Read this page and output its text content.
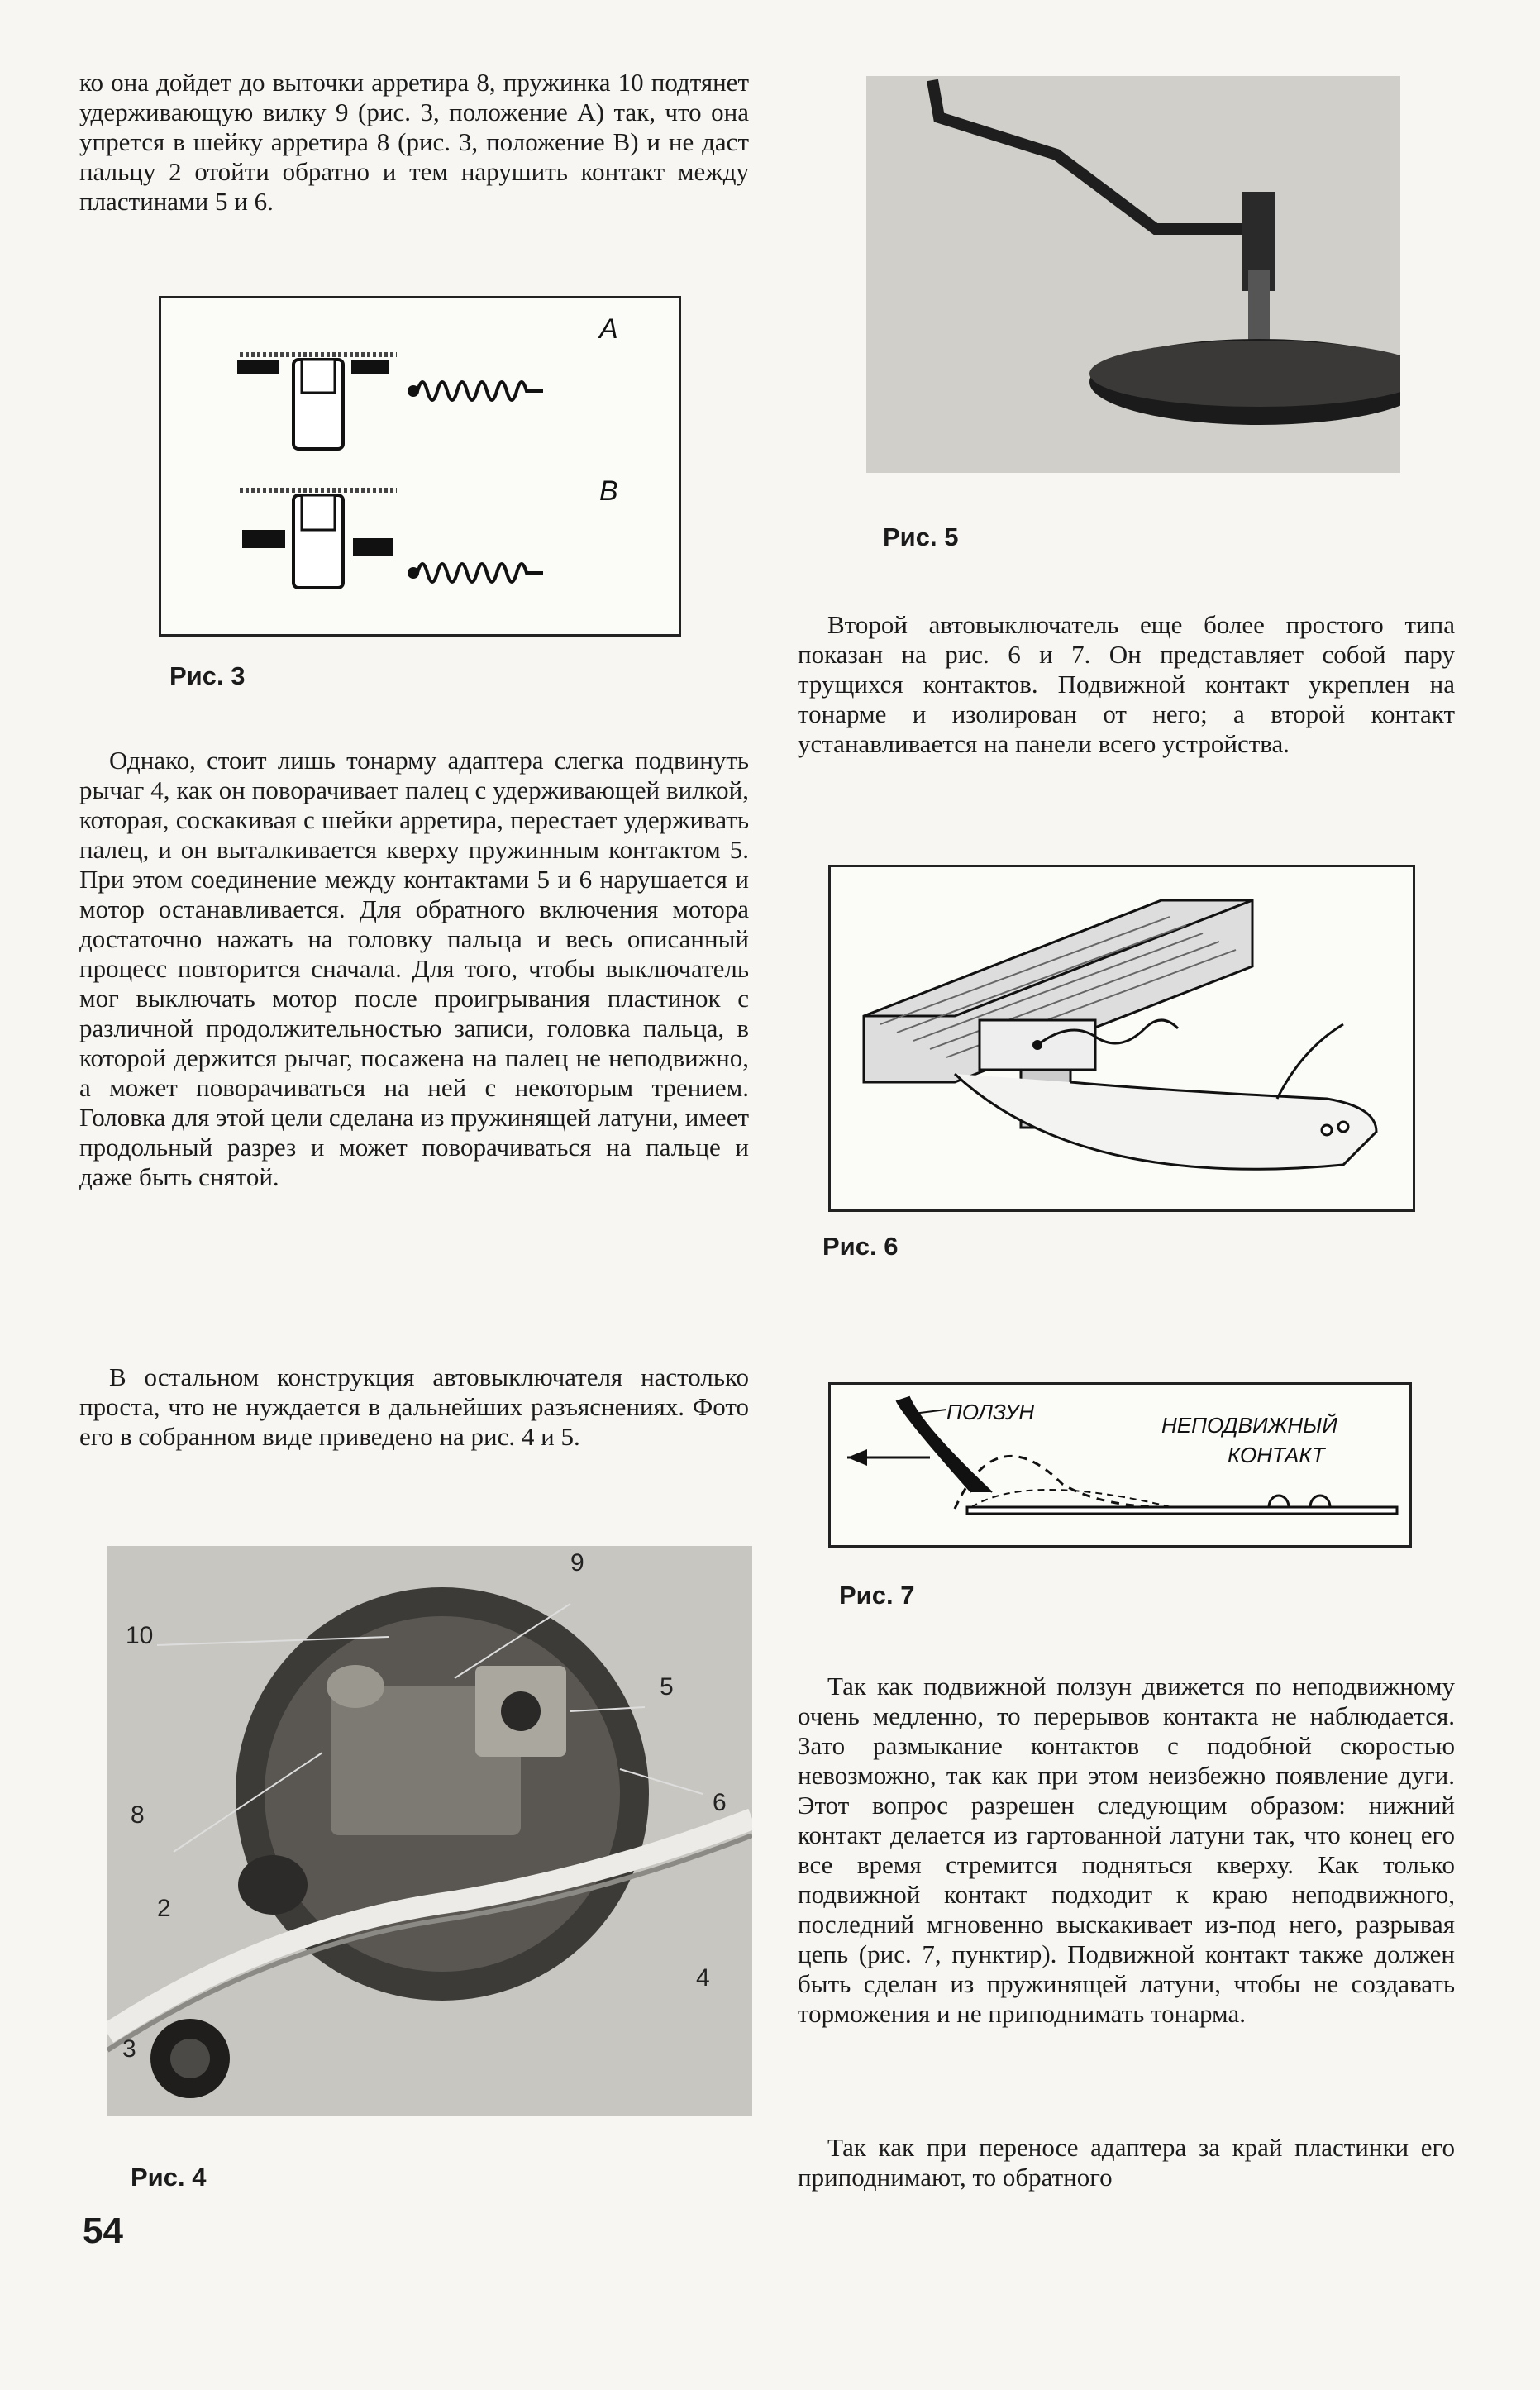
ко она дойдет до выточки арретира 8, пружинка 10 подтянет удерживающую вилку 9 (рис. 3, положение А) так, что она упрется в шейку арретира 8 (рис. 3, положение В) и не даст пальцу 2 отойти обратно и тем нарушить контакт между пластинами 5 и 6.

А
В

Рис. 3

Однако, стоит лишь тонарму адаптера слегка подвинуть рычаг 4, как он поворачивает палец с удерживающей вилкой, которая, соскакивая с шейки арретира, перестает удерживать палец, и он выталкивается кверху пружинным контактом 5. При этом соединение между контактами 5 и 6 нарушается и мотор останавливается. Для обратного включения мотора достаточно нажать на головку пальца и весь описанный процесс повторится сначала. Для того, чтобы выключатель мог выключать мотор после проигрывания пластинок с различной продолжительностью записи, головка пальца, в которой держится рычаг, посажена на палец не неподвижно, а может поворачиваться на ней с некоторым трением. Головка для этой цели сделана из пружинящей латуни, имеет продольный разрез и может поворачиваться на пальце и даже быть снятой.

В остальном конструкция автовыключателя настолько проста, что не нуждается в дальнейших разъяснениях. Фото его в собранном виде приведено на рис. 4 и 5.

10
9
5
6
8
2
3
4

Рис. 4

54

Рис. 5

Второй автовыключатель еще более простого типа показан на рис. 6 и 7. Он представляет собой пару трущихся контактов. Подвижной контакт укреплен на тонарме и изолирован от него; а второй контакт устанавливается на панели всего устройства.

Рис. 6

ПОЛЗУН
НЕПОДВИЖНЫЙ
КОНТАКТ

Рис. 7

Так как подвижной ползун движется по неподвижному очень медленно, то перерывов контакта не наблюдается. Зато размыкание контактов с подобной скоростью невозможно, так как при этом неизбежно появление дуги. Этот вопрос разрешен следующим образом: нижний контакт делается из гартованной латуни так, что конец его все время стремится подняться кверху. Как только подвижной контакт подходит к краю неподвижного, последний мгновенно выскакивает из-под него, разрывая цепь (рис. 7, пунктир). Подвижной контакт также должен быть сделан из пружинящей латуни, чтобы не создавать торможения и не приподнимать тонарма.

Так как при переносе адаптера за край пластинки его приподнимают, то обратного
